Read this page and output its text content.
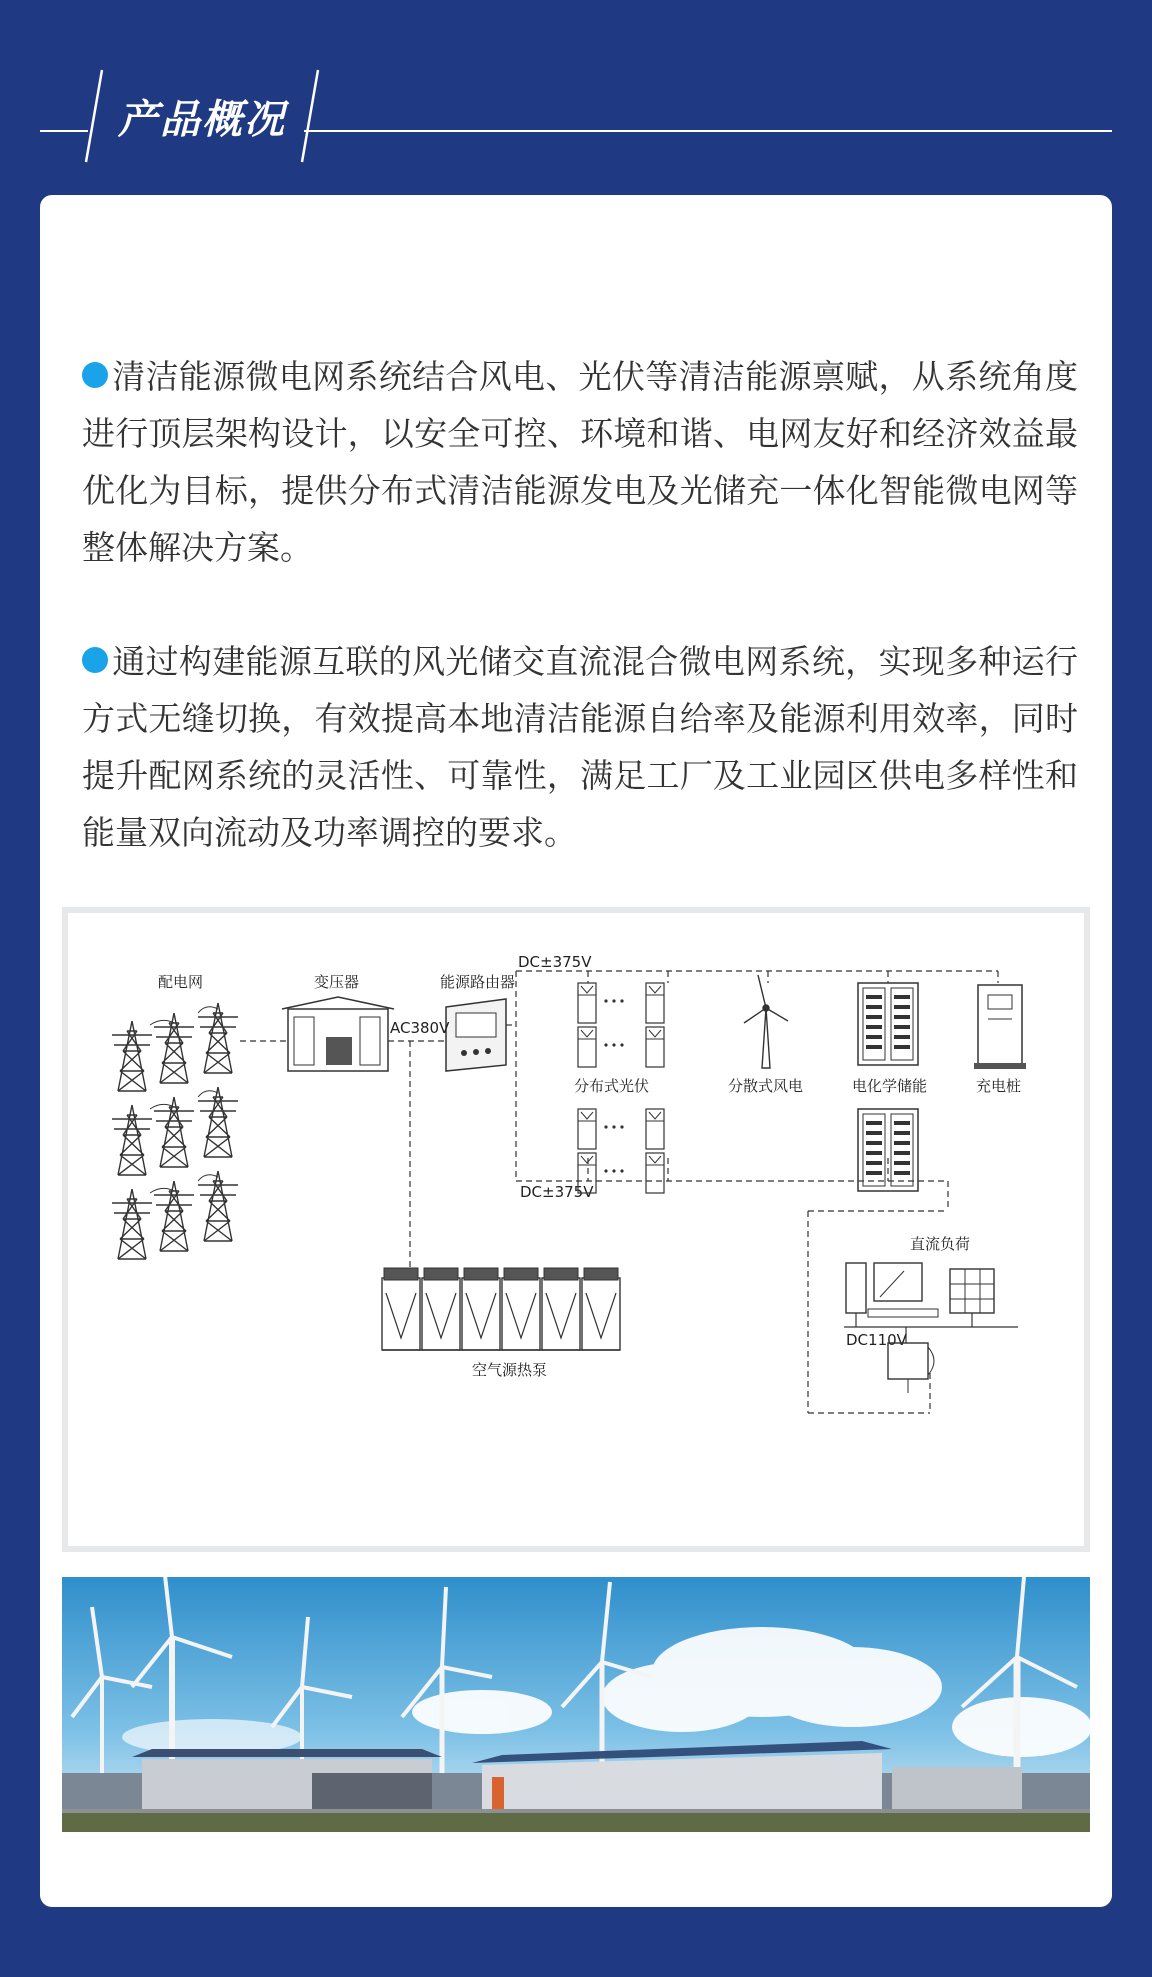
产品概况
清洁能源微电网系统结合风电、光伏等清洁能源禀赋，从系统角度进行顶层架构设计，以安全可控、环境和谐、电网友好和经济效益最优化为目标，提供分布式清洁能源发电及光储充一体化智能微电网等整体解决方案。
通过构建能源互联的风光储交直流混合微电网系统，实现多种运行方式无缝切换，有效提高本地清洁能源自给率及能源利用效率，同时提升配网系统的灵活性、可靠性，满足工厂及工业园区供电多样性和能量双向流动及功率调控的要求。
配电网	变压器	能源路由器
AC380V
DC±375V
DC±375V
分布式光伏	分散式风电	电化学储能	充电桩
直流负荷
DC110V
空气源热泵
